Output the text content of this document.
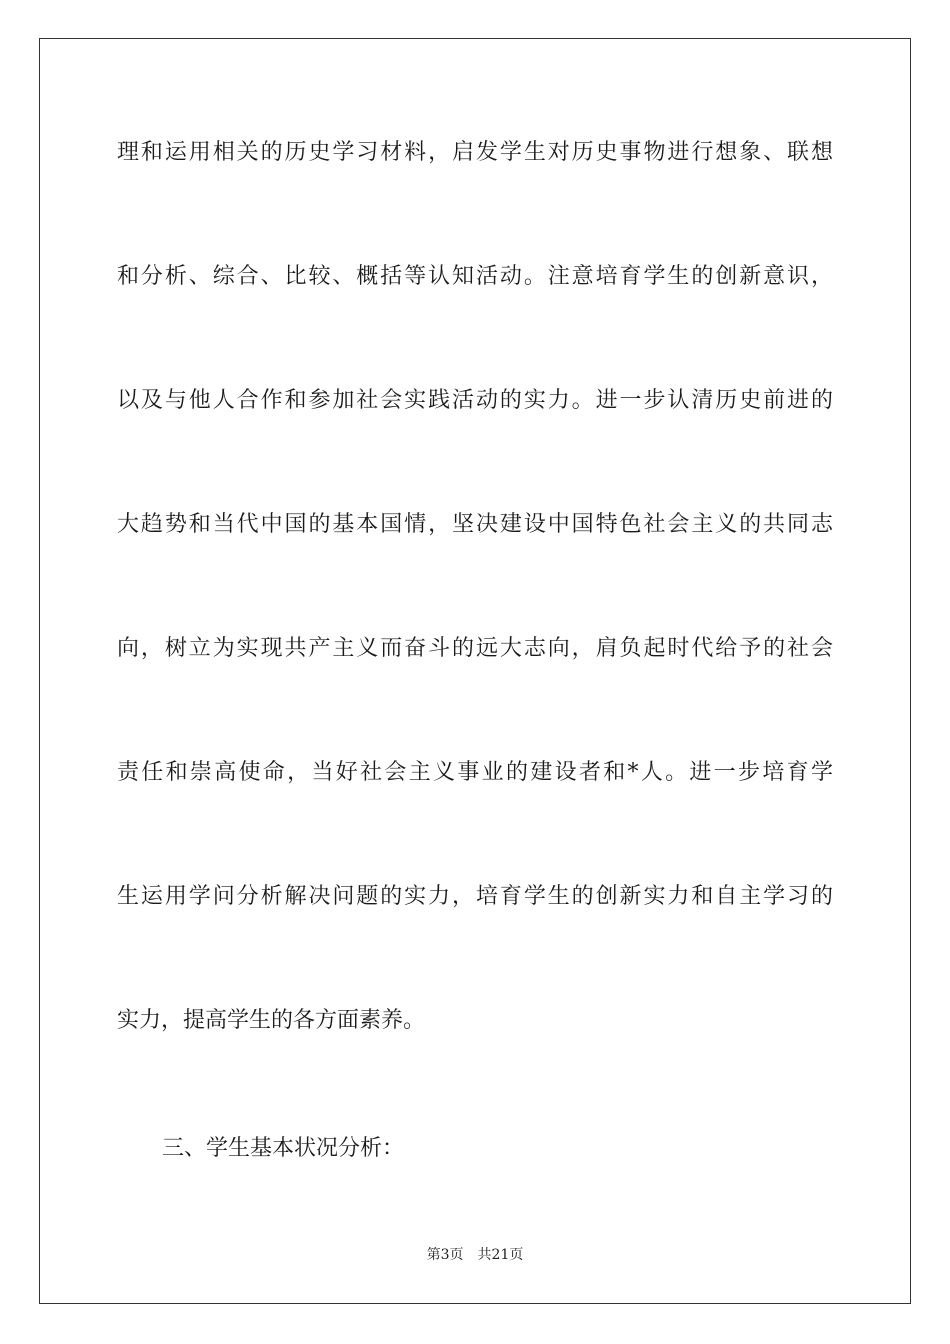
理和运用相关的历史学习材料，启发学生对历史事物进行想象、联想
和分析、综合、比较、概括等认知活动。注意培育学生的创新意识，
以及与他人合作和参加社会实践活动的实力。进一步认清历史前进的
大趋势和当代中国的基本国情，坚决建设中国特色社会主义的共同志
向，树立为实现共产主义而奋斗的远大志向，肩负起时代给予的社会
责任和崇高使命，当好社会主义事业的建设者和*人。进一步培育学
生运用学问分析解决问题的实力，培育学生的创新实力和自主学习的
实力，提高学生的各方面素养。
三、学生基本状况分析：
第3页 共21页
